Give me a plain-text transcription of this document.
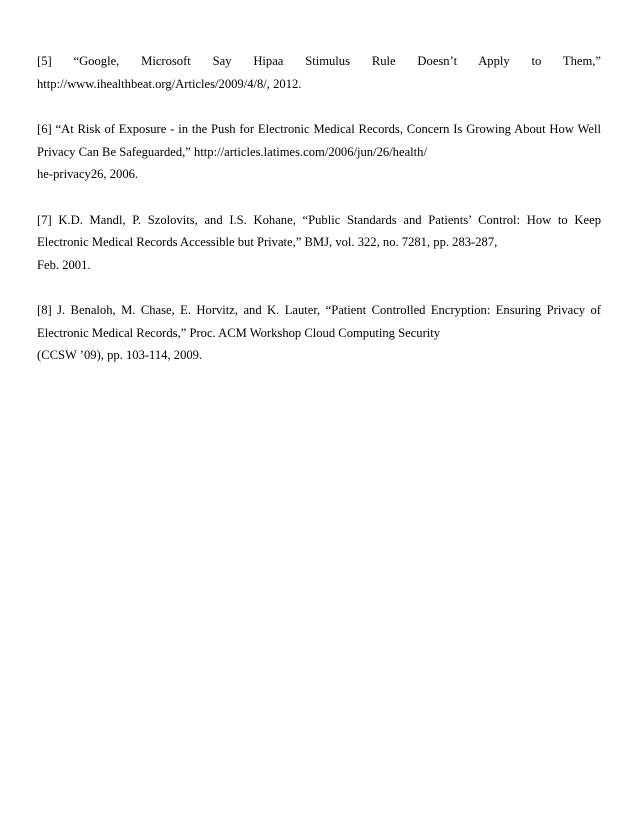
[5] “Google, Microsoft Say Hipaa Stimulus Rule Doesn’t Apply to Them,”
http://www.ihealthbeat.org/Articles/2009/4/8/, 2012.

[6] “At Risk of Exposure - in the Push for Electronic Medical Records, Concern Is Growing About How Well
Privacy Can Be Safeguarded,” http://articles.latimes.com/2006/jun/26/health/
he-privacy26, 2006.

[7] K.D. Mandl, P. Szolovits, and I.S. Kohane, “Public Standards and Patients’ Control: How to Keep
Electronic Medical Records Accessible but Private,” BMJ, vol. 322, no. 7281, pp. 283-287,
Feb. 2001.

[8] J. Benaloh, M. Chase, E. Horvitz, and K. Lauter, “Patient Controlled Encryption: Ensuring Privacy of
Electronic Medical Records,” Proc. ACM Workshop Cloud Computing Security
(CCSW ’09), pp. 103-114, 2009.
